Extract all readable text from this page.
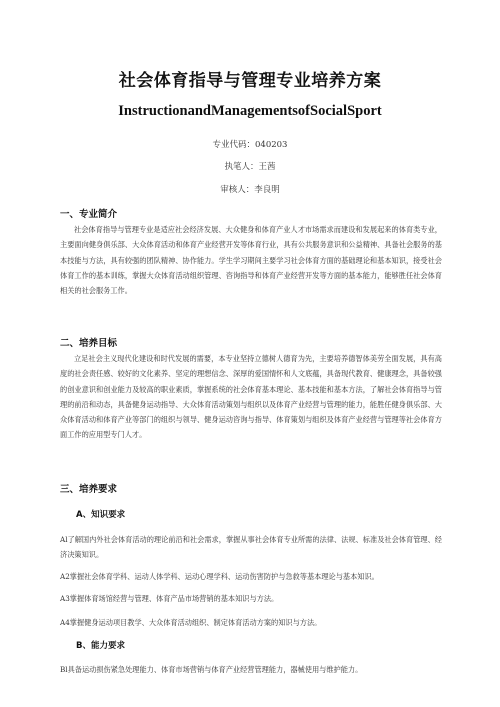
社会体育指导与管理专业培养方案
InstructionandManagementsofSocialSport
专业代码：040203
执笔人：王茜
审核人：李良明
一、专业简介

社会体育指导与管理专业是适应社会经济发展、大众健身和体育产业人才市场需求而建设和发展起来的体育类专业，主要面向健身俱乐部、大众体育活动和体育产业经营开发等体育行业，具有公共服务意识和公益精神、具备社会服务的基本技能与方法，具有较强的团队精神、协作能力。学生学习期间主要学习社会体育方面的基础理论和基本知识，接受社会体育工作的基本训练，掌握大众体育活动组织管理、咨询指导和体育产业经营开发等方面的基本能力，能够胜任社会体育相关的社会服务工作。

二、培养目标

立足社会主义现代化建设和时代发展的需要，本专业坚持立德树人德育为先，主要培养德智体美劳全面发展，具有高度的社会责任感、较好的文化素养、坚定的理想信念、深厚的爱国情怀和人文底蕴，具备现代教育、健康理念，具备较强的创业意识和创业能力及较高的职业素质，掌握系统的社会体育基本理论、基本技能和基本方法，了解社会体育指导与管理的前沿和动态，具备健身运动指导、大众体育活动策划与组织以及体育产业经营与管理的能力，能胜任健身俱乐部、大众体育活动和体育产业等部门的组织与领导、健身运动咨询与指导、体育策划与组织及体育产业经营与管理等社会体育方面工作的应用型专门人才。

三、培养要求
A、知识要求

Al了解国内外社会体育活动的理论前沿和社会需求，掌握从事社会体育专业所需的法律、法规、标准及社会体育管理、经济决策知识。

A2掌握社会体育学科、运动人体学科、运动心理学科、运动伤害防护与急救等基本理论与基本知识。

A3掌握体育场馆经营与管理、体育产品市场营销的基本知识与方法。

A4掌握健身运动项目教学、大众体育活动组织、制定体育活动方案的知识与方法。

B、能力要求

Bl具备运动损伤紧急处理能力、体育市场营销与体育产业经营管理能力，器械使用与维护能力。
